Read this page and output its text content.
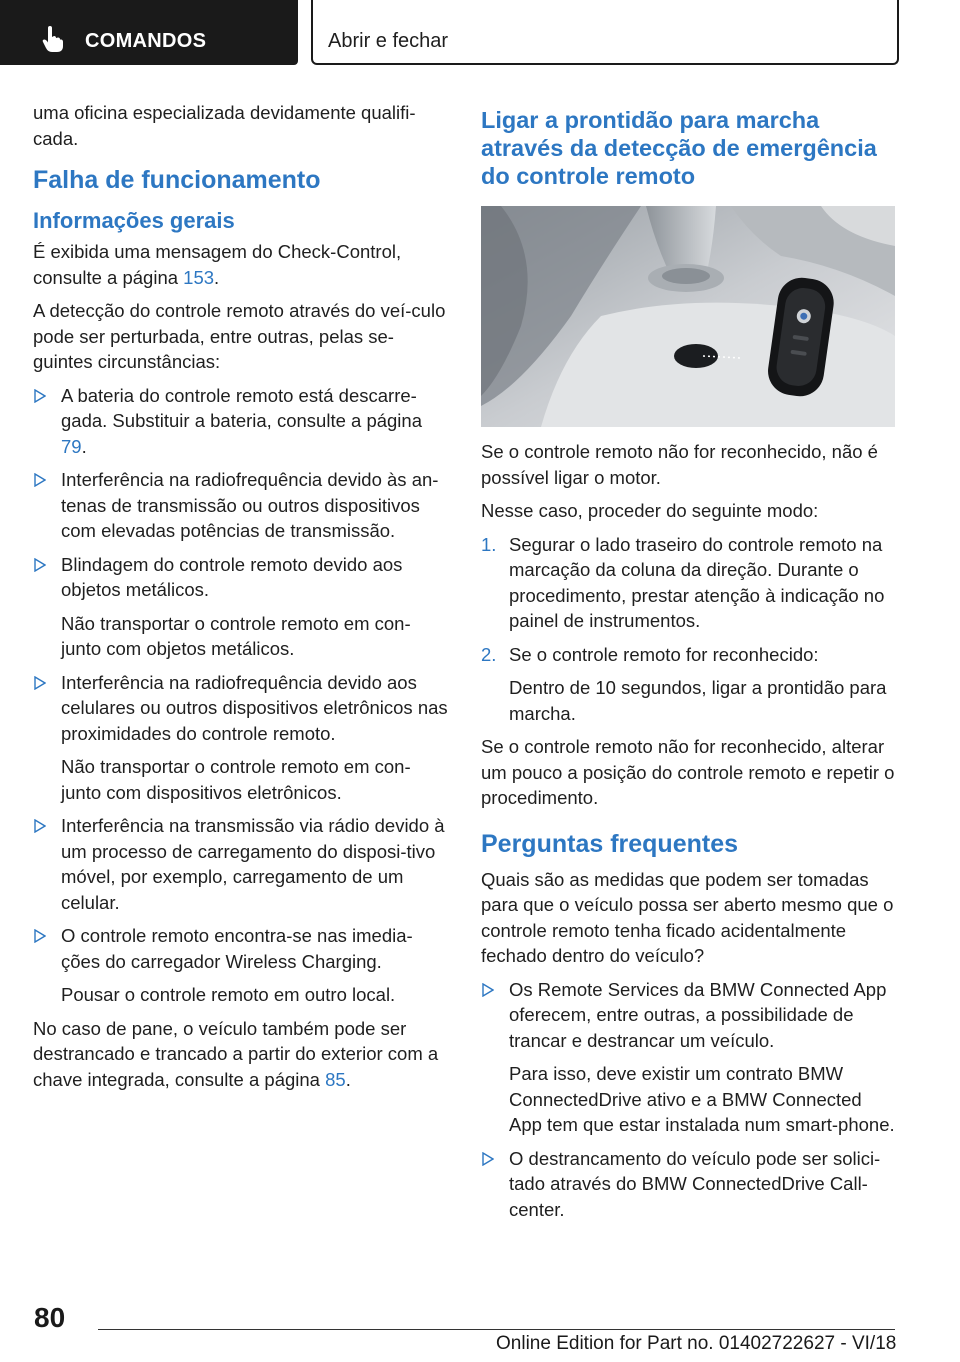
COMANDOS	Abrir e fechar

uma oficina especializada devidamente qualifi-cada.

Falha de funcionamento
Informações gerais

É exibida uma mensagem do Check-Control, consulte a página 153.

A detecção do controle remoto através do veí-culo pode ser perturbada, entre outras, pelas se-guintes circunstâncias:

A bateria do controle remoto está descarre-gada. Substituir a bateria, consulte a página 79.

Interferência na radiofrequência devido às an-tenas de transmissão ou outros dispositivos com elevadas potências de transmissão.

Blindagem do controle remoto devido aos objetos metálicos.

Não transportar o controle remoto em con-junto com objetos metálicos.

Interferência na radiofrequência devido aos celulares ou outros dispositivos eletrônicos nas proximidades do controle remoto.

Não transportar o controle remoto em con-junto com dispositivos eletrônicos.

Interferência na transmissão via rádio devido à um processo de carregamento do disposi-tivo móvel, por exemplo, carregamento de um celular.

O controle remoto encontra-se nas imedia-ções do carregador Wireless Charging.

Pousar o controle remoto em outro local.

No caso de pane, o veículo também pode ser destrancado e trancado a partir do exterior com a chave integrada, consulte a página 85.

Ligar a prontidão para marcha através da detecção de emergência do controle remoto

Se o controle remoto não for reconhecido, não é possível ligar o motor.

Nesse caso, proceder do seguinte modo:

1. Segurar o lado traseiro do controle remoto na marcação da coluna da direção. Durante o procedimento, prestar atenção à indicação no painel de instrumentos.

2. Se o controle remoto for reconhecido:

Dentro de 10 segundos, ligar a prontidão para marcha.

Se o controle remoto não for reconhecido, alterar um pouco a posição do controle remoto e repetir o procedimento.

Perguntas frequentes

Quais são as medidas que podem ser tomadas para que o veículo possa ser aberto mesmo que o controle remoto tenha ficado acidentalmente fechado dentro do veículo?

Os Remote Services da BMW Connected App oferecem, entre outras, a possibilidade de trancar e destrancar um veículo.

Para isso, deve existir um contrato BMW ConnectedDrive ativo e a BMW Connected App tem que estar instalada num smart-phone.

O destrancamento do veículo pode ser solici-tado através do BMW ConnectedDrive Call-center.

80
Online Edition for Part no. 01402722627 - VI/18
